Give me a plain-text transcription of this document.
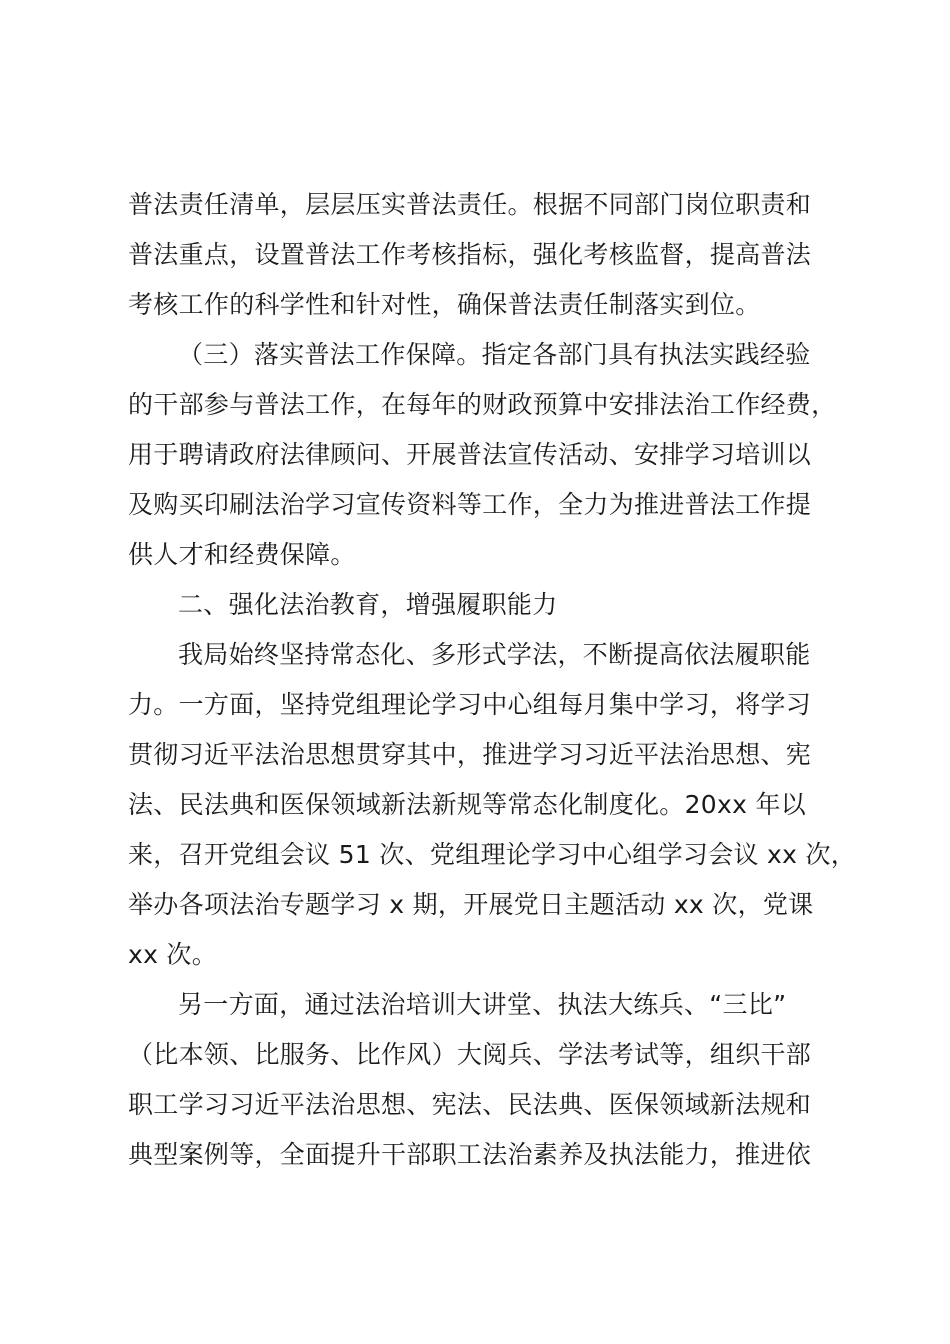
普法责任清单，层层压实普法责任。根据不同部门岗位职责和

普法重点，设置普法工作考核指标，强化考核监督，提高普法

考核工作的科学性和针对性，确保普法责任制落实到位。

（三）落实普法工作保障。指定各部门具有执法实践经验

的干部参与普法工作，在每年的财政预算中安排法治工作经费，

用于聘请政府法律顾问、开展普法宣传活动、安排学习培训以

及购买印刷法治学习宣传资料等工作，全力为推进普法工作提

供人才和经费保障。

二、强化法治教育，增强履职能力

我局始终坚持常态化、多形式学法，不断提高依法履职能

力。一方面，坚持党组理论学习中心组每月集中学习，将学习

贯彻习近平法治思想贯穿其中，推进学习习近平法治思想、宪

法、民法典和医保领域新法新规等常态化制度化。20xx 年以

来，召开党组会议 51 次、党组理论学习中心组学习会议 xx 次，

举办各项法治专题学习 x 期，开展党日主题活动 xx 次，党课

xx 次。

另一方面，通过法治培训大讲堂、执法大练兵、“三比”

（比本领、比服务、比作风）大阅兵、学法考试等，组织干部

职工学习习近平法治思想、宪法、民法典、医保领域新法规和

典型案例等，全面提升干部职工法治素养及执法能力，推进依
